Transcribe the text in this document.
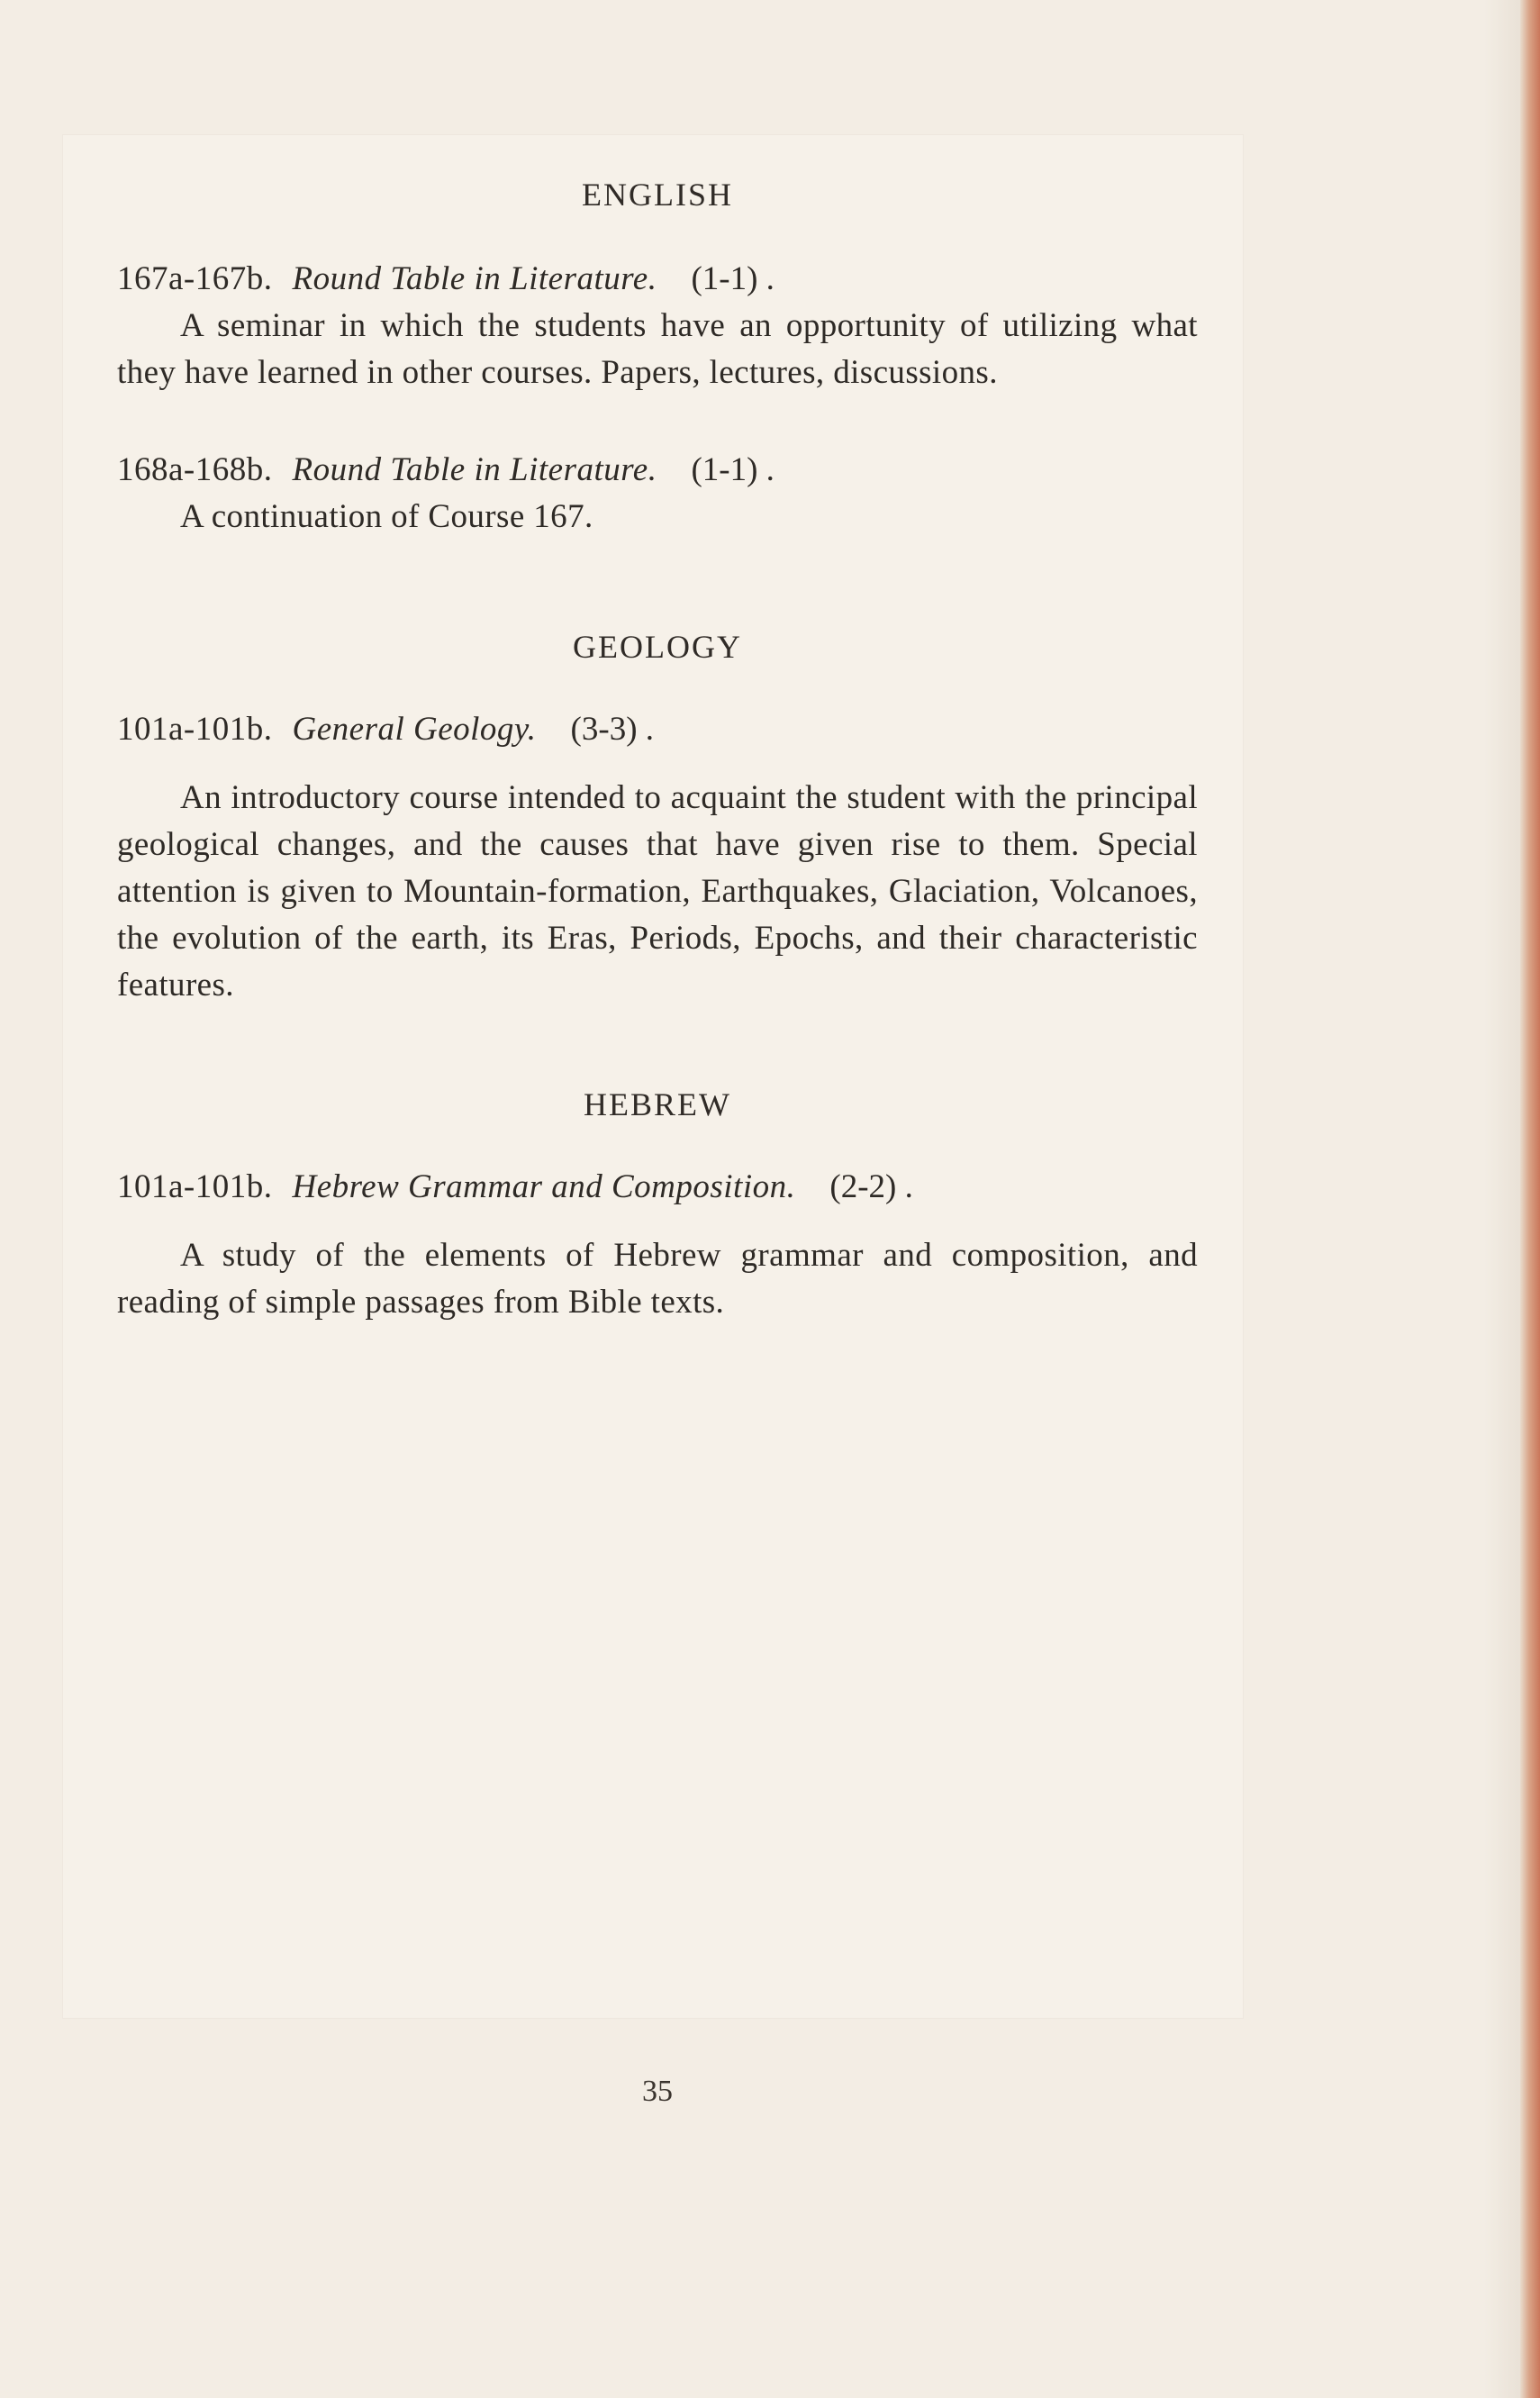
ENGLISH

167a-167b. Round Table in Literature. (1-1) .

A seminar in which the students have an opportunity of utilizing what they have learned in other courses. Papers, lectures, discussions.

168a-168b. Round Table in Literature. (1-1) .

A continuation of Course 167.

GEOLOGY

101a-101b. General Geology. (3-3) .

An introductory course intended to acquaint the student with the principal geological changes, and the causes that have given rise to them. Special attention is given to Mountain-formation, Earthquakes, Glaciation, Volcanoes, the evolution of the earth, its Eras, Periods, Epochs, and their characteristic features.

HEBREW

101a-101b. Hebrew Grammar and Composition. (2-2) .

A study of the elements of Hebrew grammar and composition, and reading of simple passages from Bible texts.

35
